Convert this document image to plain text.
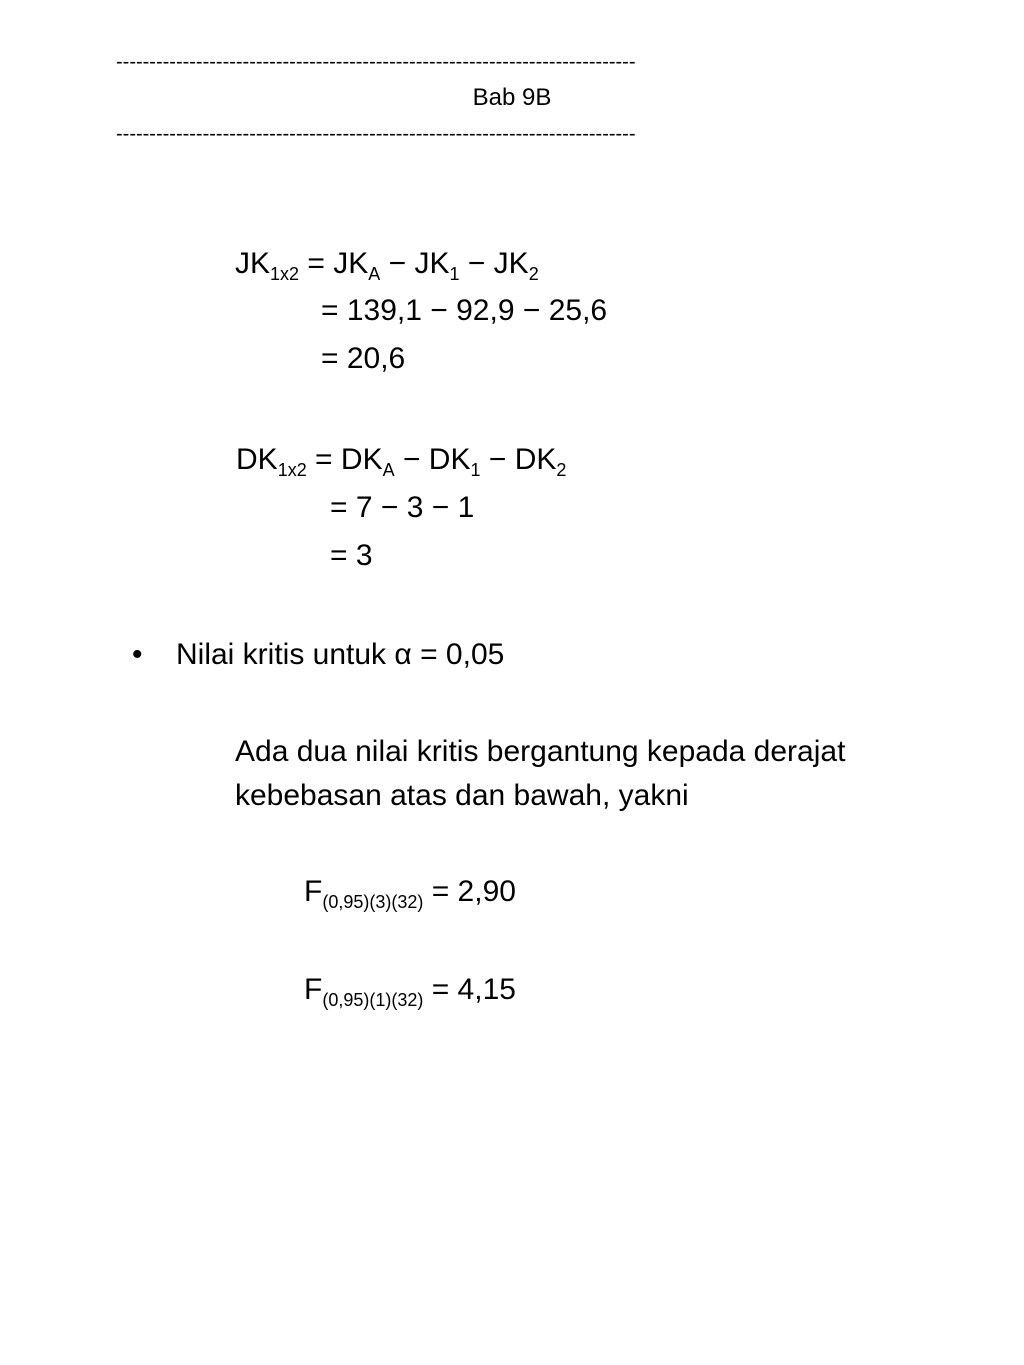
------------------------------------------------------------------------------
Bab 9B
------------------------------------------------------------------------------
$JK_{1x2} = JK_A - JK_1 - JK_2$
= 139,1 − 92,9 − 25,6
= 20,6
$DK_{1x2} = DK_A - DK_1 - DK_2$
= 7 − 3 − 1
= 3
• Nilai kritis untuk α = 0,05
Ada dua nilai kritis bergantung kepada derajat kebebasan atas dan bawah, yakni
$F_{(0,95)(3)(32)} = 2,90$
$F_{(0,95)(1)(32)} = 4,15$
